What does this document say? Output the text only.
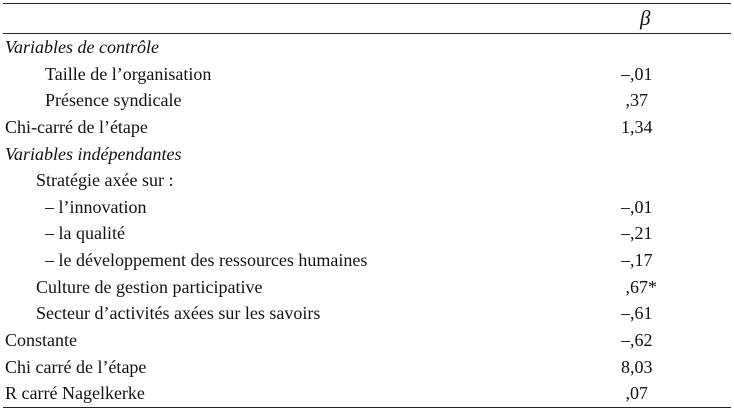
β
Variables de contrôle
Taille de l’organisation	–,01
Présence syndicale	,37
Chi-carré de l’étape	1,34
Variables indépendantes
Stratégie axée sur :
– l’innovation	–,01
– la qualité	–,21
– le développement des ressources humaines	–,17
Culture de gestion participative	,67*
Secteur d’activités axées sur les savoirs	–,61
Constante	–,62
Chi carré de l’étape	8,03
R carré Nagelkerke	,07
